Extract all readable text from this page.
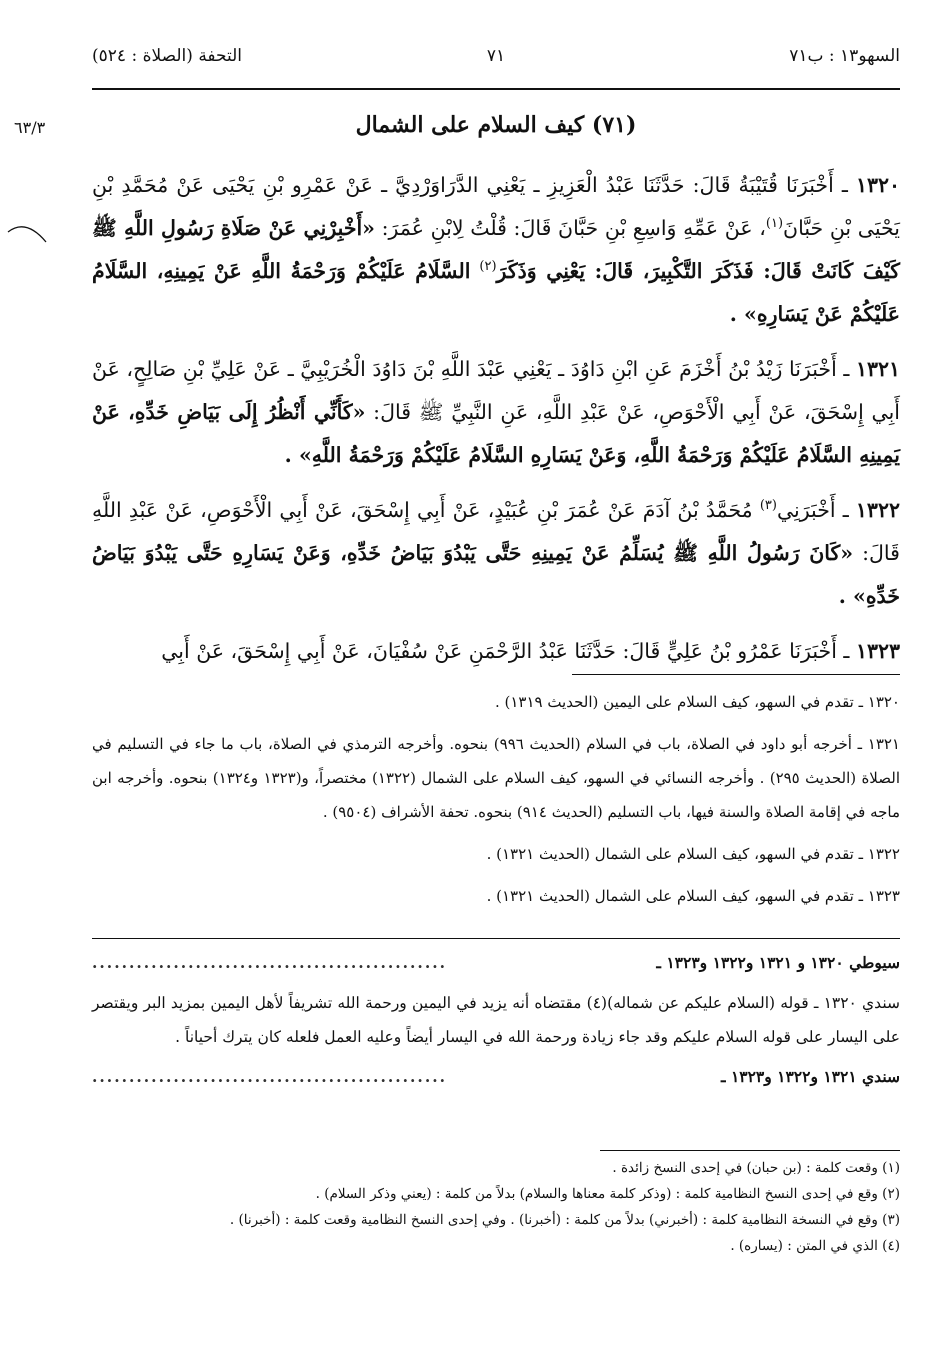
السهو۱۳ : ب۷۱
۷۱
التحفة (الصلاة : ٥٢٤)
۳/٦۳	(۷۱) كيف السلام على الشمال

۱۳۲۰ ـ أَخْبَرَنَا قُتَيْبَةُ قَالَ: حَدَّثَنَا عَبْدُ الْعَزِيزِ ـ يَعْنِي الدَّرَاوَرْدِيَّ ـ عَنْ عَمْرِو بْنِ يَحْيَى عَنْ مُحَمَّدِ بْنِ يَحْيَى بْنِ حَبَّانَ$^{(۱)}$، عَنْ عَمِّهِ وَاسِعِ بْنِ حَبَّانَ قَالَ: قُلْتُ لِابْنِ عُمَرَ: «أَخْبِرْنِي عَنْ صَلَاةِ رَسُولِ اللَّهِ ﷺ كَيْفَ كَانَتْ قَالَ: فَذَكَرَ التَّكْبِيرَ، قَالَ: يَعْنِي وَذَكَرَ$^{(۲)}$ السَّلَامُ عَلَيْكُمْ وَرَحْمَةُ اللَّهِ عَنْ يَمِينِهِ، السَّلَامُ عَلَيْكُمْ عَنْ يَسَارِهِ» .

۱۳۲۱ ـ أَخْبَرَنَا زَيْدُ بْنُ أَخْزَمَ عَنِ ابْنِ دَاوُدَ ـ يَعْنِي عَبْدَ اللَّهِ بْنَ دَاوُدَ الْخُرَيْبِيَّ ـ عَنْ عَلِيِّ بْنِ صَالِحٍ، عَنْ أَبِي إِسْحَقَ، عَنْ أَبِي الْأَحْوَصِ، عَنْ عَبْدِ اللَّهِ، عَنِ النَّبِيِّ ﷺ قَالَ: «كَأَنِّي أَنْظُرُ إِلَى بَيَاضِ خَدِّهِ، عَنْ يَمِينِهِ السَّلَامُ عَلَيْكُمْ وَرَحْمَةُ اللَّهِ، وَعَنْ يَسَارِهِ السَّلَامُ عَلَيْكُمْ وَرَحْمَةُ اللَّهِ» .

۱۳۲۲ ـ أَخْبَرَنِي$^{(۳)}$ مُحَمَّدُ بْنُ آدَمَ عَنْ عُمَرَ بْنِ عُبَيْدٍ، عَنْ أَبِي إِسْحَقَ، عَنْ أَبِي الْأَحْوَصِ، عَنْ عَبْدِ اللَّهِ قَالَ: «كَانَ رَسُولُ اللَّهِ ﷺ يُسَلِّمُ عَنْ يَمِينِهِ حَتَّى يَبْدُوَ بَيَاضُ خَدِّهِ، وَعَنْ يَسَارِهِ حَتَّى يَبْدُوَ بَيَاضُ خَدِّهِ» .

۱۳۲۳ ـ أَخْبَرَنَا عَمْرُو بْنُ عَلِيٍّ قَالَ: حَدَّثَنَا عَبْدُ الرَّحْمَنِ عَنْ سُفْيَانَ، عَنْ أَبِي إِسْحَقَ، عَنْ أَبِي

۱۳۲۰ ـ تقدم في السهو، كيف السلام على اليمين (الحديث ۱۳۱۹) .

۱۳۲۱ ـ أخرجه أبو داود في الصلاة، باب في السلام (الحديث ۹۹٦) بنحوه. وأخرجه الترمذي في الصلاة، باب ما جاء في التسليم في الصلاة (الحديث ۲۹٥) . وأخرجه النسائي في السهو، كيف السلام على الشمال (۱۳۲۲) مختصراً، و(۱۳۲۳ و۱۳۲٤) بنحوه. وأخرجه ابن ماجه في إقامة الصلاة والسنة فيها، باب التسليم (الحديث ۹۱٤) بنحوه. تحفة الأشراف (۹٥۰٤) .

۱۳۲۲ ـ تقدم في السهو، كيف السلام على الشمال (الحديث ۱۳۲۱) .

۱۳۲۳ ـ تقدم في السهو، كيف السلام على الشمال (الحديث ۱۳۲۱) .

سيوطي ۱۳۲۰ و ۱۳۲۱ و۱۳۲۲ و۱۳۲۳ ـ
................................................

سندي ۱۳۲۰ ـ قوله (السلام عليكم عن شماله)(٤) مقتضاه أنه يزيد في اليمين ورحمة الله تشريفاً لأهل اليمين بمزيد البر ويقتصر على اليسار على قوله السلام عليكم وقد جاء زيادة ورحمة الله في اليسار أيضاً وعليه العمل فلعله كان يترك أحياناً .

سندي ۱۳۲۱ و۱۳۲۲ و۱۳۲۳ ـ
................................................

(۱) وقعت كلمة : (بن حبان) في إحدى النسخ زائدة .

(۲) وقع في إحدى النسخ النظامية كلمة : (وذكر كلمة معناها والسلام) بدلاً من كلمة : (يعني وذكر السلام) .

(۳) وقع في النسخة النظامية كلمة : (أخبرني) بدلاً من كلمة : (أخبرنا) . وفي إحدى النسخ النظامية وقعت كلمة : (أخبرنا) .

(٤) الذي في المتن : (يساره) .
